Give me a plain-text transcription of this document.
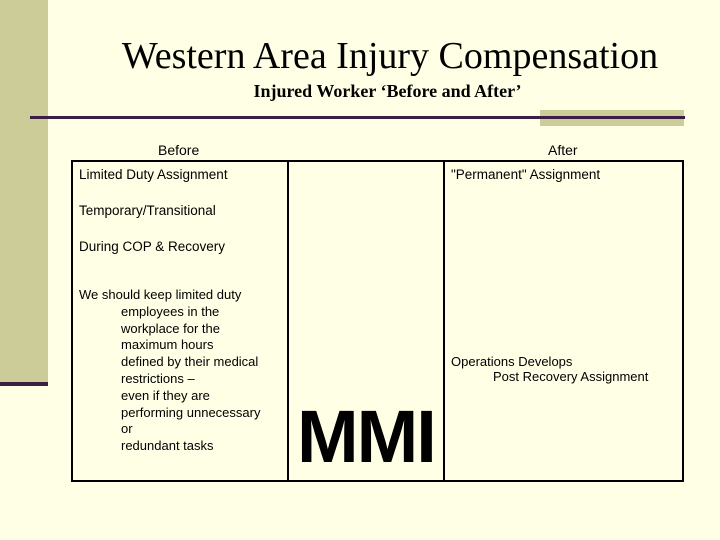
Western Area Injury Compensation
Injured Worker ‘Before and After’
Before	After
Limited Duty Assignment
Temporary/Transitional
During COP & Recovery
We should keep limited duty
employees in the
workplace for the
maximum hours
defined by their medical
restrictions –
even if they are
performing unnecessary
or
redundant tasks	MMI
"Permanent" Assignment
Operations Develops
Post Recovery Assignment
